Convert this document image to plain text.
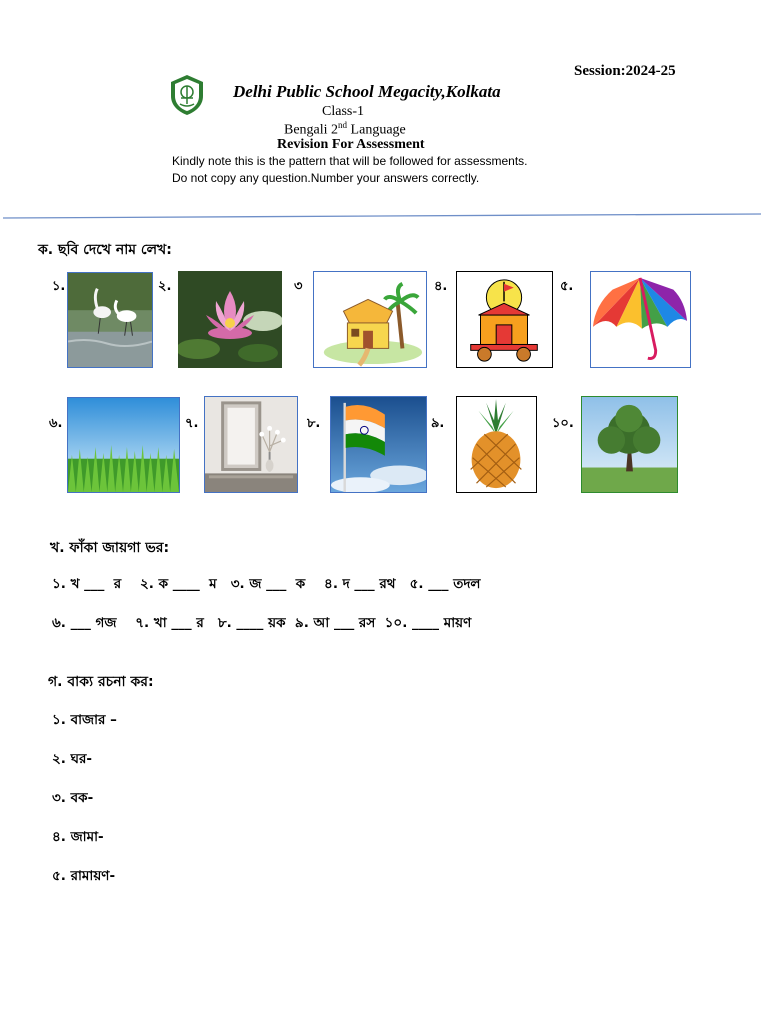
Session:2024-25
Delhi Public School Megacity,Kolkata
Class-1
Bengali 2nd Language
Revision For Assessment
Kindly note this is the pattern that will be followed for assessments.
Do not copy any question.Number your answers correctly.
ক. ছবি দেখে নাম লেখ:
১.	২.	৩	৪.	৫.
৬.	৭.	৮.	৯.	১০.
খ. ফাঁকা জায়গা ভর:
১. খ ___  র    ২. ক ____  ম   ৩. জ ___  ক    ৪. দ ___ রথ   ৫. ___ তদল
৬. ___ গজ    ৭. খা ___ র   ৮. ____ য়ক  ৯. আ ___ রস  ১০. ____ মায়ণ
গ. বাক্য রচনা কর:
১. বাজার –
২. ঘর-
৩. বক-
৪. জামা-
৫. রামায়ণ-
